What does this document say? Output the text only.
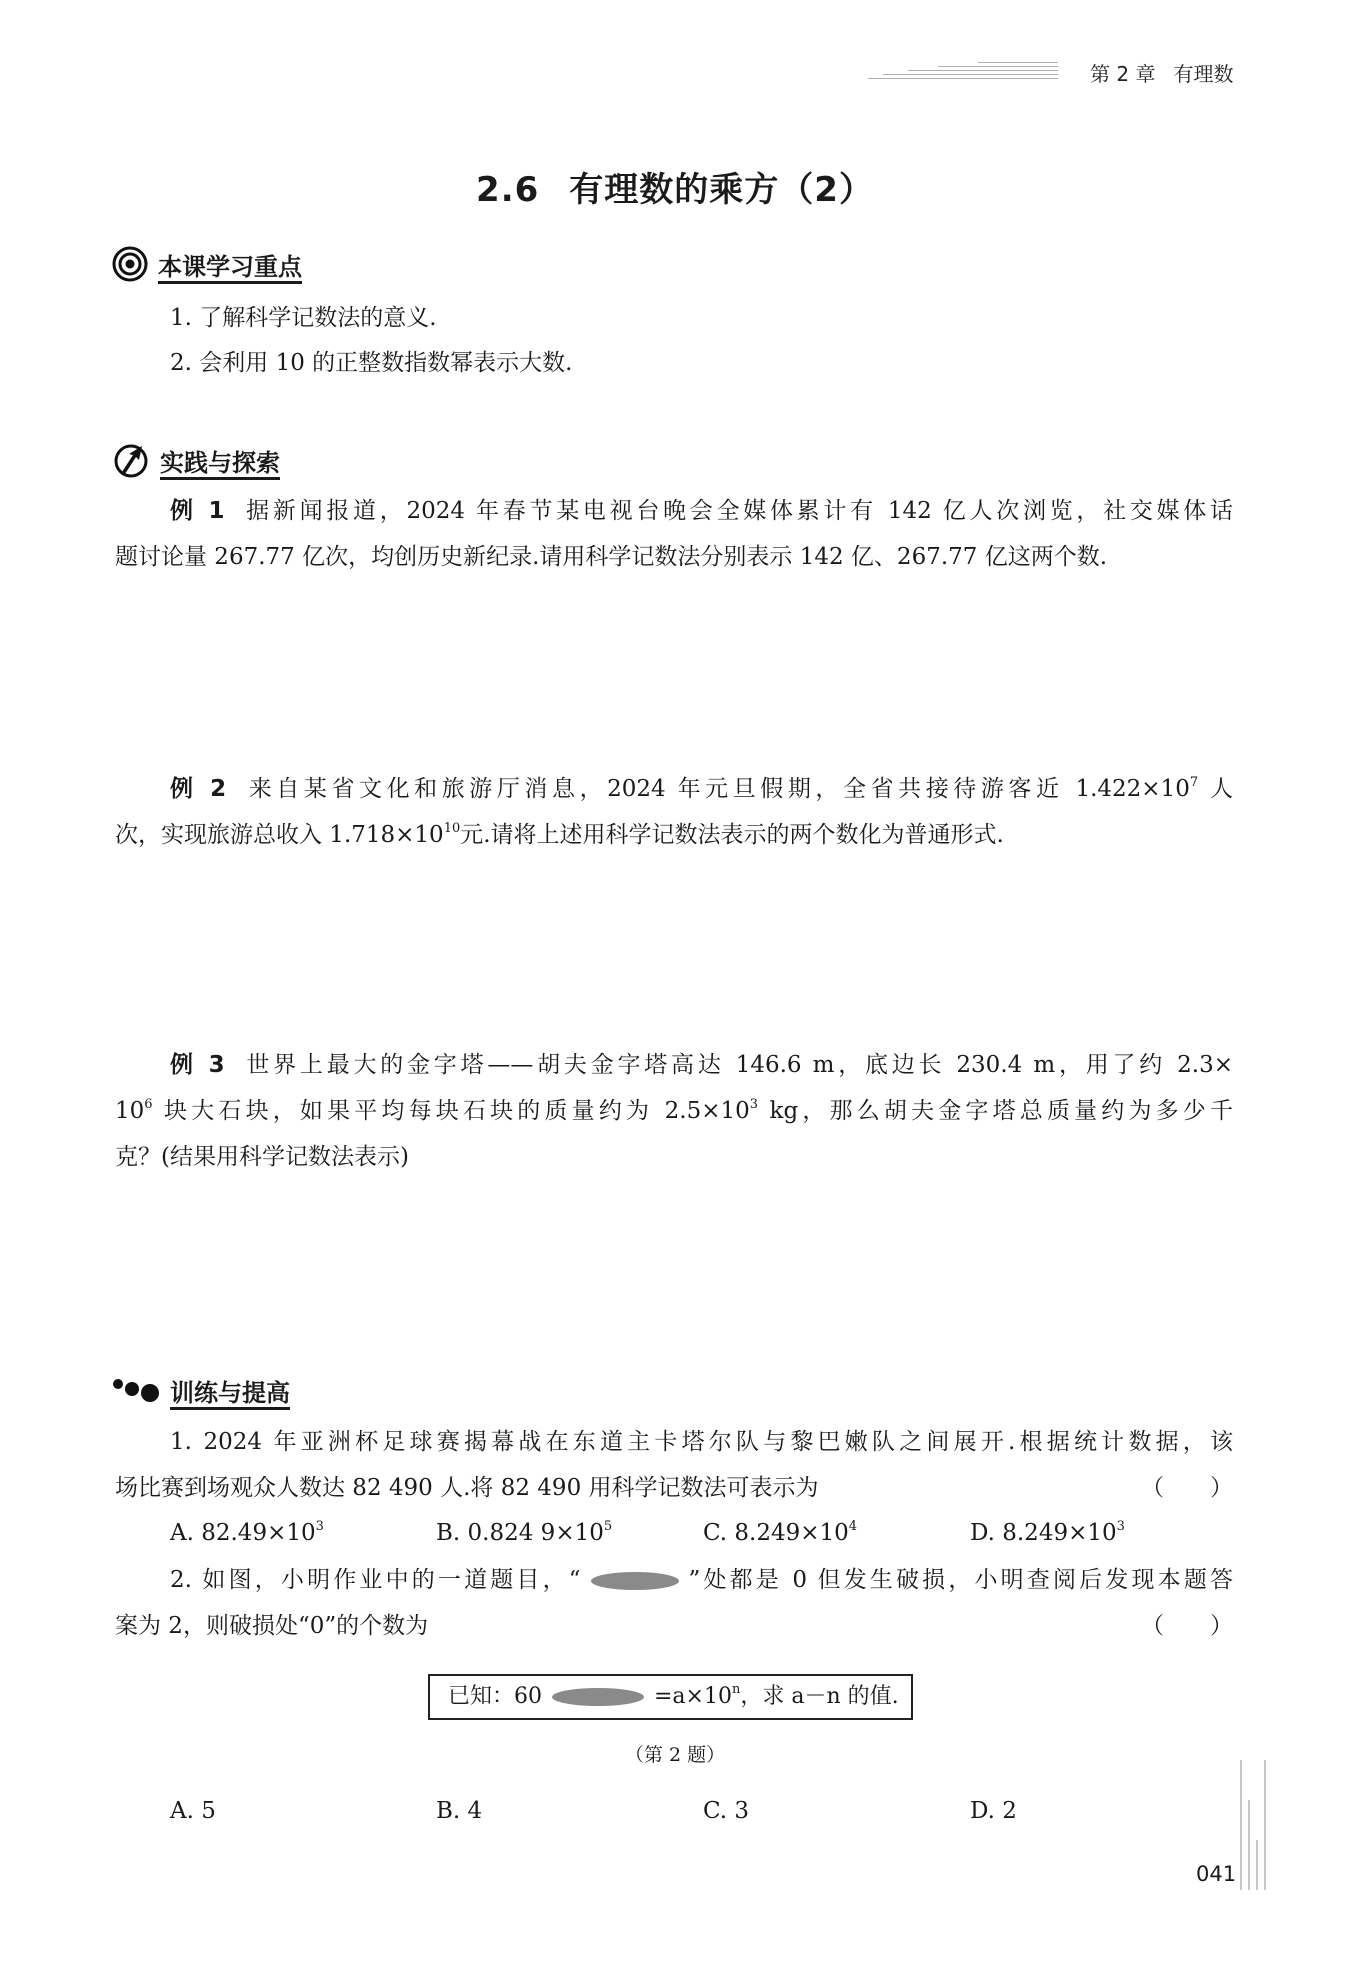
第 2 章 有理数
2.6 有理数的乘方（2）
本课学习重点
1. 了解科学记数法的意义.
2. 会利用 10 的正整数指数幂表示大数.
实践与探索
例 1 据新闻报道，2024 年春节某电视台晚会全媒体累计有 142 亿人次浏览，社交媒体话
题讨论量 267.77 亿次，均创历史新纪录.请用科学记数法分别表示 142 亿、267.77 亿这两个数.
例 2 来自某省文化和旅游厅消息，2024 年元旦假期，全省共接待游客近 $1.422\times 10^7$ 人
次，实现旅游总收入 $1.718\times 10^{10}$元.请将上述用科学记数法表示的两个数化为普通形式.
例 3 世界上最大的金字塔——胡夫金字塔高达 146.6 m，底边长 230.4 m，用了约 2.3×
$10^6$ 块大石块，如果平均每块石块的质量约为 $2.5\times 10^3$ kg，那么胡夫金字塔总质量约为多少千
克？(结果用科学记数法表示)
训练与提高
1. 2024 年亚洲杯足球赛揭幕战在东道主卡塔尔队与黎巴嫩队之间展开.根据统计数据，该
场比赛到场观众人数达 82 490 人.将 82 490 用科学记数法可表示为	（　　）
A. $82.49\times 10^3$	B. 0.824 $9\times 10^5$	C. $8.249\times 10^4$	D. $8.249\times 10^3$
2. 如图，小明作业中的一道题目，“	”处都是 0 但发生破损，小明查阅后发现本题答
案为 2，则破损处“0”的个数为	（　　）
已知：60	$=a\times 10^n$，求 a－n 的值.
（第 2 题）
A. 5	B. 4	C. 3	D. 2
041
